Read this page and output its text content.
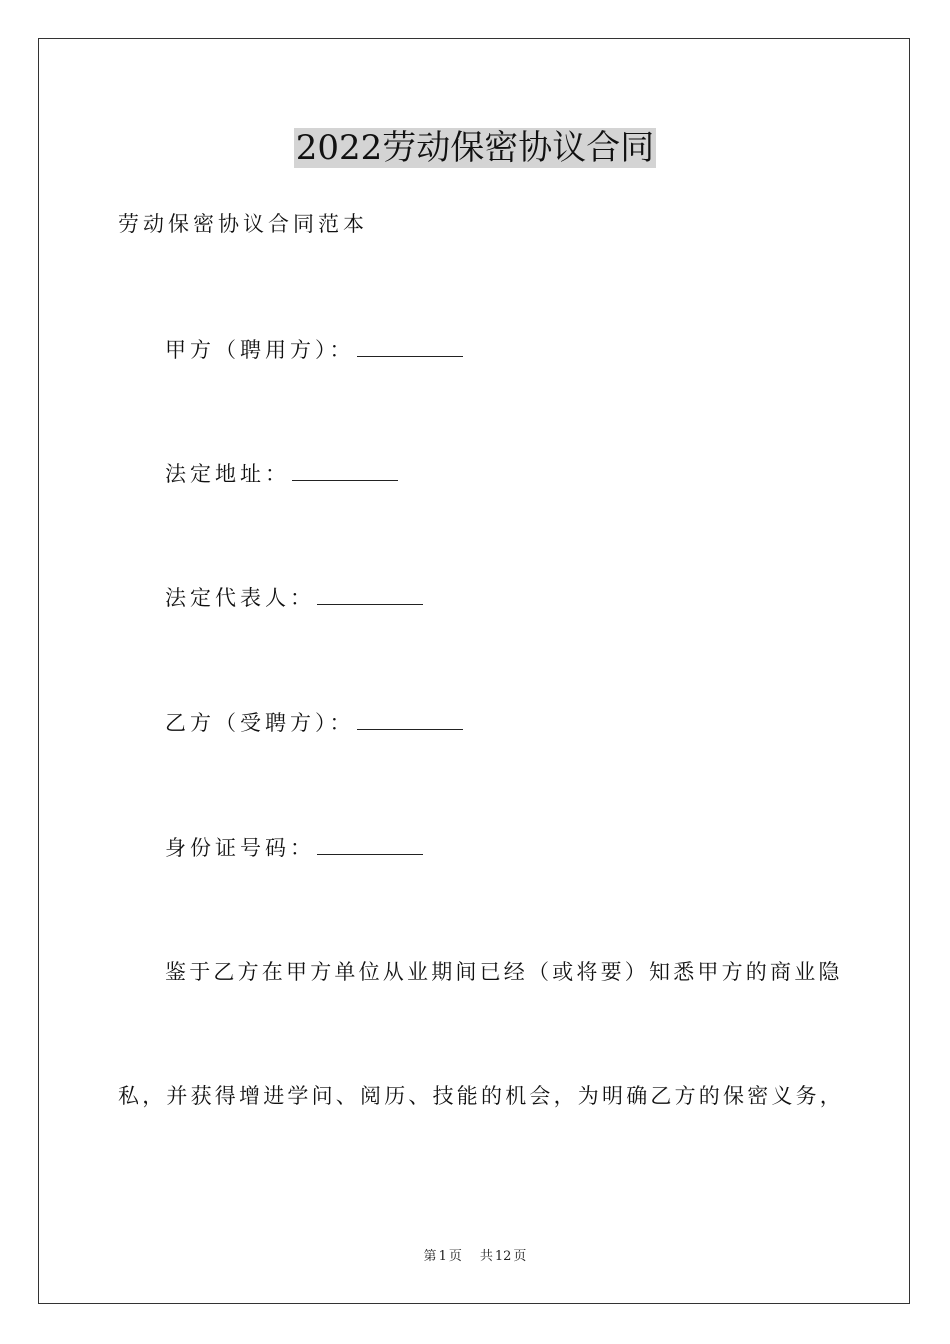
2022劳动保密协议合同
劳动保密协议合同范本
甲方（聘用方）：
法定地址：
法定代表人：
乙方（受聘方）：
身份证号码：
鉴于乙方在甲方单位从业期间已经（或将要）知悉甲方的商业隐
私，并获得增进学问、阅历、技能的机会，为明确乙方的保密义务，
第 1 页 共 12 页
